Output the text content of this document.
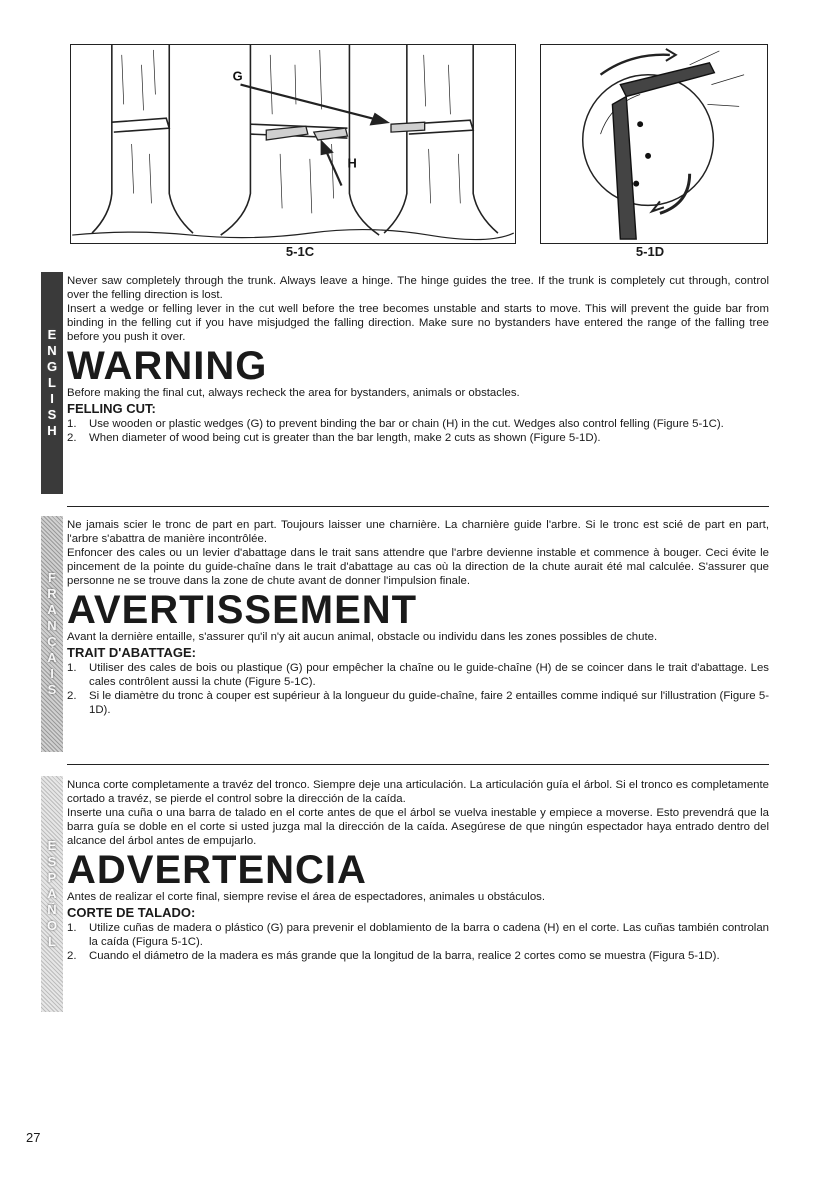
G
H
5-1C	5-1D
E
N
G
L
I
S
H

Never saw completely through the trunk. Always leave a hinge. The hinge guides the tree. If the trunk is completely cut through, control over the felling direction is lost.

Insert a wedge or felling lever in the cut well before the tree becomes unstable and starts to move. This will prevent the guide bar from binding in the felling cut if you have misjudged the falling direction. Make sure no bystanders have entered the range of the falling tree before you push it over.

WARNING

Before making the final cut, always recheck the area for bystanders, animals or obstacles.

FELLING CUT:
1. Use wooden or plastic wedges (G) to prevent binding the bar or chain (H) in the cut. Wedges also control felling (Figure 5-1C).
2. When diameter of wood being cut is greater than the bar length, make 2 cuts as shown (Figure 5-1D).
F
R
A
N
Ç
A
I
S

Ne jamais scier le tronc de part en part. Toujours laisser une charnière. La charnière guide l'arbre. Si le tronc est scié de part en part, l'arbre s'abattra de manière incontrôlée.

Enfoncer des cales ou un levier d'abattage dans le trait sans attendre que l'arbre devienne instable et commence à bouger. Ceci évite le pincement de la pointe du guide-chaîne dans le trait d'abattage au cas où la direction de la chute aurait été mal calculée. S'assurer que personne ne se trouve dans la zone de chute avant de donner l'impulsion finale.

AVERTISSEMENT

Avant la dernière entaille, s'assurer qu'il n'y ait aucun animal, obstacle ou individu dans les zones possibles de chute.

TRAIT D'ABATTAGE:
1. Utiliser des cales de bois ou plastique (G) pour empêcher la chaîne ou le guide-chaîne (H) de se coincer dans le trait d'abattage. Les cales contrôlent aussi la chute (Figure 5-1C).
2. Si le diamètre du tronc à couper est supérieur à la longueur du guide-chaîne, faire 2 entailles comme indiqué sur l'illustration (Figure 5-1D).
E
S
P
A
Ñ
O
L

Nunca corte completamente a travéz del tronco. Siempre deje una articulación. La articulación guía el árbol. Si el tronco es completamente cortado a travéz, se pierde el control sobre la dirección de la caída.

Inserte una cuña o una barra de talado en el corte antes de que el árbol se vuelva inestable y empiece a moverse. Esto prevendrá que la barra guía se doble en el corte si usted juzga mal la dirección de la caída. Asegúrese de que ningún espectador haya entrado dentro del alcance del árbol antes de empujarlo.

ADVERTENCIA

Antes de realizar el corte final, siempre revise el área de espectadores, animales u obstáculos.

CORTE DE TALADO:
1. Utilize cuñas de madera o plástico (G) para prevenir el doblamiento de la barra o cadena (H) en el corte. Las cuñas también controlan la caída (Figura 5-1C).
2. Cuando el diámetro de la madera es más grande que la longitud de la barra, realice 2 cortes como se muestra (Figura 5-1D).
27
